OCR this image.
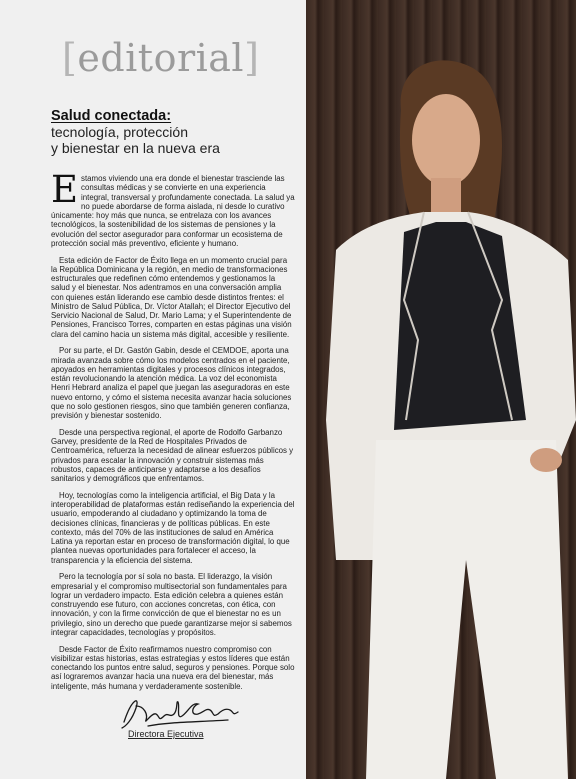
[editorial]
Salud conectada:
tecnología, protección
y bienestar en la nueva era

Estamos viviendo una era donde el bienestar trasciende las consultas médicas y se convierte en una experiencia integral, transversal y profundamente conectada. La salud ya no puede abordarse de forma aislada, ni desde lo curativo únicamente: hoy más que nunca, se entrelaza con los avances tecnológicos, la sostenibilidad de los sistemas de pensiones y la evolución del sector asegurador para conformar un ecosistema de protección social más preventivo, eficiente y humano.

Esta edición de Factor de Éxito llega en un momento crucial para la República Dominicana y la región, en medio de transformaciones estructurales que redefinen cómo entendemos y gestionamos la salud y el bienestar. Nos adentramos en una conversación amplia con quienes están liderando ese cambio desde distintos frentes: el Ministro de Salud Pública, Dr. Víctor Atallah; el Director Ejecutivo del Servicio Nacional de Salud, Dr. Mario Lama; y el Superintendente de Pensiones, Francisco Torres, comparten en estas páginas una visión clara del camino hacia un sistema más digital, accesible y resiliente.

Por su parte, el Dr. Gastón Gabin, desde el CEMDOE, aporta una mirada avanzada sobre cómo los modelos centrados en el paciente, apoyados en herramientas digitales y procesos clínicos integrados, están revolucionando la atención médica. La voz del economista Henri Hebrard analiza el papel que juegan las aseguradoras en este nuevo entorno, y cómo el sistema necesita avanzar hacia soluciones que no solo gestionen riesgos, sino que también generen confianza, previsión y bienestar sostenido.

Desde una perspectiva regional, el aporte de Rodolfo Garbanzo Garvey, presidente de la Red de Hospitales Privados de Centroamérica, refuerza la necesidad de alinear esfuerzos públicos y privados para escalar la innovación y construir sistemas más robustos, capaces de anticiparse y adaptarse a los desafíos sanitarios y demográficos que enfrentamos.

Hoy, tecnologías como la inteligencia artificial, el Big Data y la interoperabilidad de plataformas están rediseñando la experiencia del usuario, empoderando al ciudadano y optimizando la toma de decisiones clínicas, financieras y de políticas públicas. En este contexto, más del 70% de las instituciones de salud en América Latina ya reportan estar en proceso de transformación digital, lo que plantea nuevas oportunidades para fortalecer el acceso, la transparencia y la eficiencia del sistema.

Pero la tecnología por sí sola no basta. El liderazgo, la visión empresarial y el compromiso multisectorial son fundamentales para lograr un verdadero impacto. Esta edición celebra a quienes están construyendo ese futuro, con acciones concretas, con ética, con innovación, y con la firme convicción de que el bienestar no es un privilegio, sino un derecho que puede garantizarse mejor si sabemos integrar capacidades, tecnologías y propósitos.

Desde Factor de Éxito reafirmamos nuestro compromiso con visibilizar estas historias, estas estrategias y estos líderes que están conectando los puntos entre salud, seguros y pensiones. Porque solo así lograremos avanzar hacia una nueva era del bienestar, más inteligente, más humana y verdaderamente sostenible.

Directora Ejecutiva
